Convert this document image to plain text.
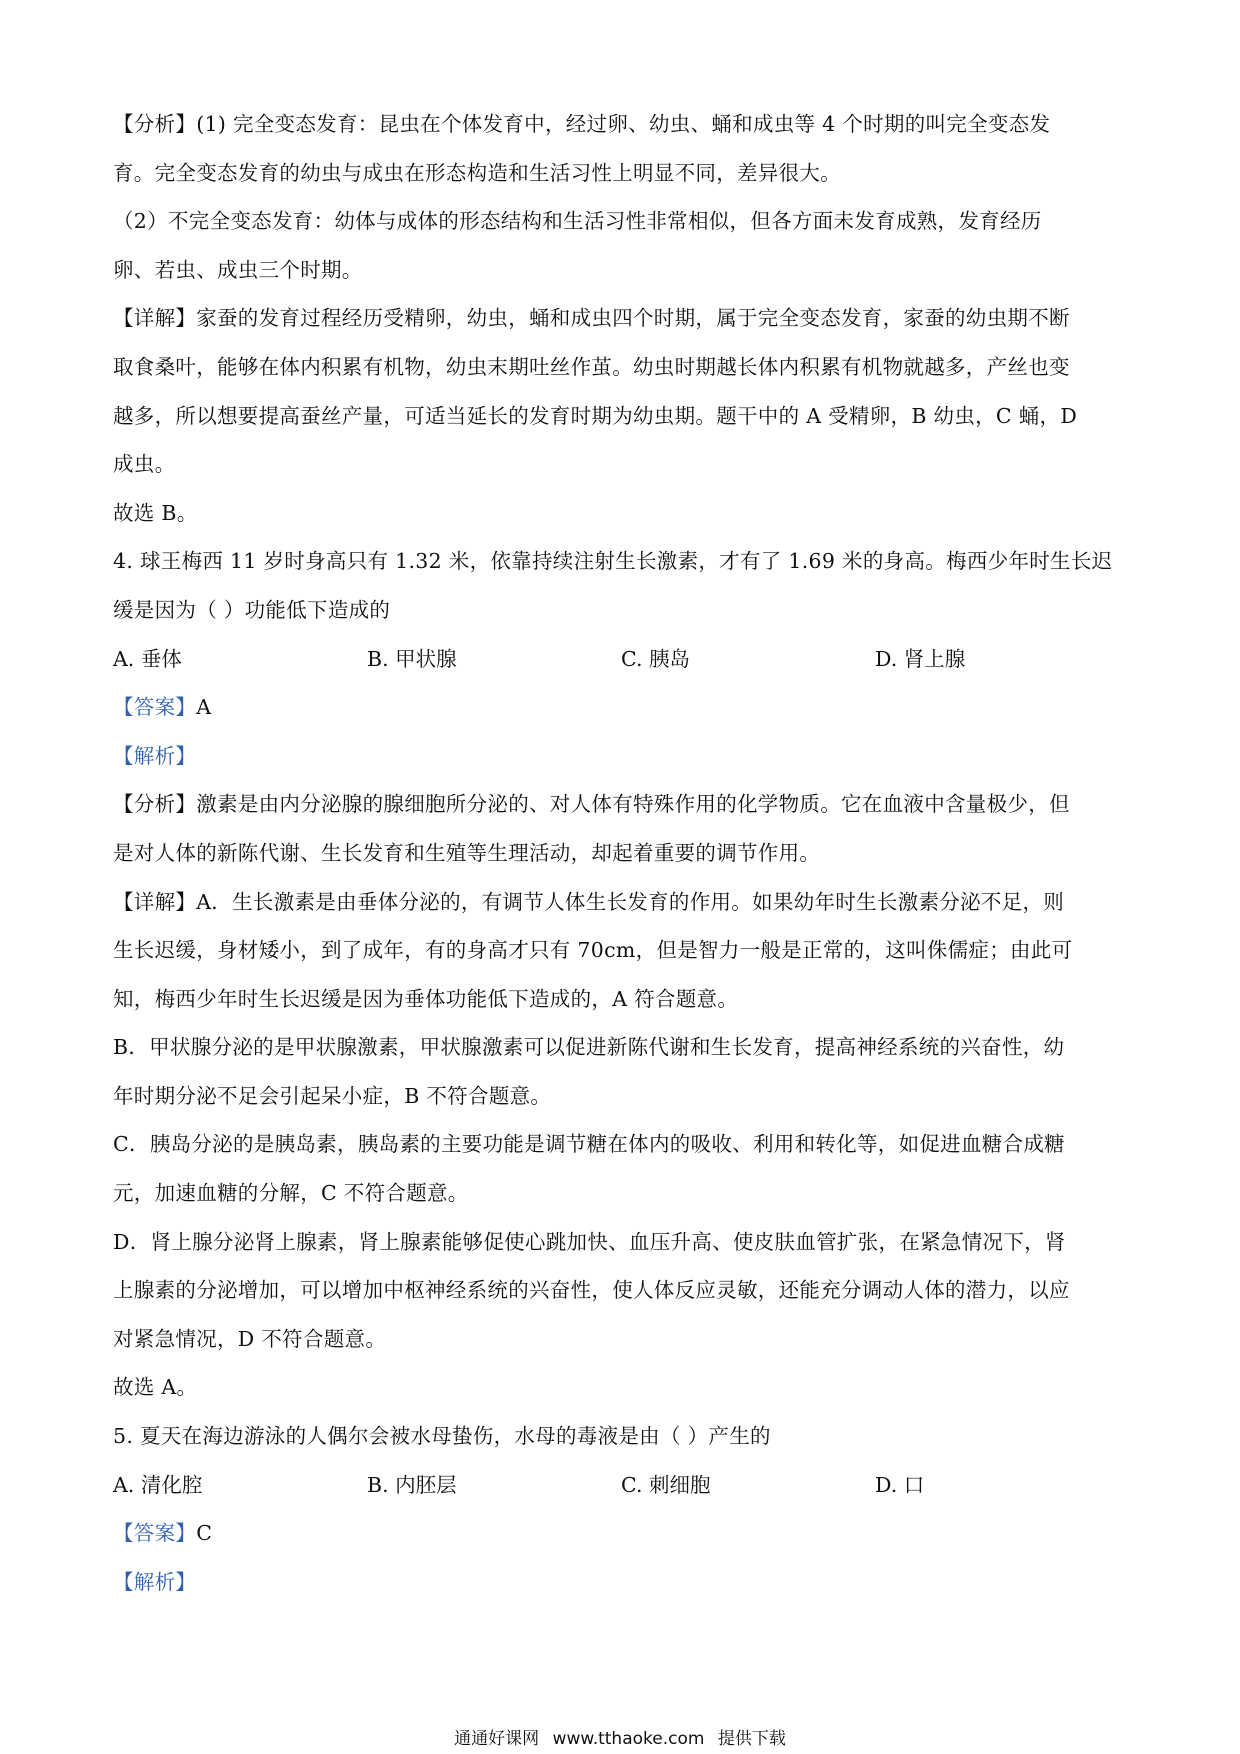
【分析】(1) 完全变态发育：昆虫在个体发育中，经过卵、幼虫、蛹和成虫等 4 个时期的叫完全变态发
育。完全变态发育的幼虫与成虫在形态构造和生活习性上明显不同，差异很大。
（2）不完全变态发育：幼体与成体的形态结构和生活习性非常相似，但各方面未发育成熟，发育经历
卵、若虫、成虫三个时期。
【详解】家蚕的发育过程经历受精卵，幼虫，蛹和成虫四个时期，属于完全变态发育，家蚕的幼虫期不断
取食桑叶，能够在体内积累有机物，幼虫末期吐丝作茧。幼虫时期越长体内积累有机物就越多，产丝也变
越多，所以想要提高蚕丝产量，可适当延长的发育时期为幼虫期。题干中的 A 受精卵，B 幼虫，C 蛹，D
成虫。
故选 B。
4. 球王梅西 11 岁时身高只有 1.32 米，依靠持续注射生长激素，才有了 1.69 米的身高。梅西少年时生长迟
缓是因为（ ）功能低下造成的
A. 垂体	B. 甲状腺	C. 胰岛	D. 肾上腺
【答案】A
【解析】
【分析】激素是由内分泌腺的腺细胞所分泌的、对人体有特殊作用的化学物质。它在血液中含量极少，但
是对人体的新陈代谢、生长发育和生殖等生理活动，却起着重要的调节作用。
【详解】A．生长激素是由垂体分泌的，有调节人体生长发育的作用。如果幼年时生长激素分泌不足，则
生长迟缓，身材矮小，到了成年，有的身高才只有 70cm，但是智力一般是正常的，这叫侏儒症；由此可
知，梅西少年时生长迟缓是因为垂体功能低下造成的，A 符合题意。
B．甲状腺分泌的是甲状腺激素，甲状腺激素可以促进新陈代谢和生长发育，提高神经系统的兴奋性，幼
年时期分泌不足会引起呆小症，B 不符合题意。
C．胰岛分泌的是胰岛素，胰岛素的主要功能是调节糖在体内的吸收、利用和转化等，如促进血糖合成糖
元，加速血糖的分解，C 不符合题意。
D．肾上腺分泌肾上腺素，肾上腺素能够促使心跳加快、血压升高、使皮肤血管扩张，在紧急情况下，肾
上腺素的分泌增加，可以增加中枢神经系统的兴奋性，使人体反应灵敏，还能充分调动人体的潜力，以应
对紧急情况，D 不符合题意。
故选 A。
5. 夏天在海边游泳的人偶尔会被水母蛰伤，水母的毒液是由（ ）产生的
A. 清化腔	B. 内胚层	C. 刺细胞	D. 口
【答案】C
【解析】
通通好课网 www.tthaoke.com 提供下载
